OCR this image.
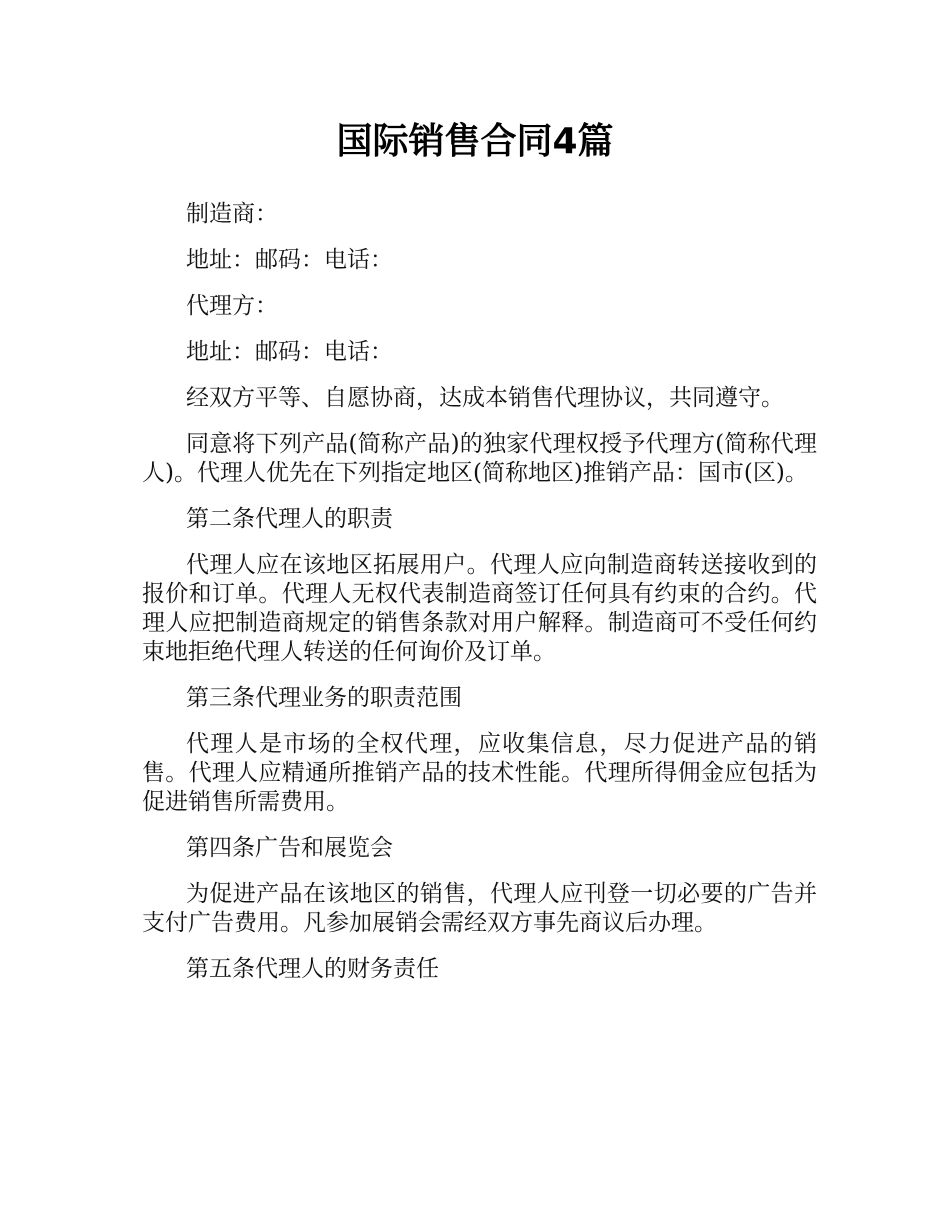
国际销售合同4篇

制造商：

地址：邮码：电话：

代理方：

地址：邮码：电话：

经双方平等、自愿协商，达成本销售代理协议，共同遵守。

同意将下列产品(简称产品)的独家代理权授予代理方(简称代理人)。代理人优先在下列指定地区(简称地区)推销产品：国市(区)。

第二条代理人的职责

代理人应在该地区拓展用户。代理人应向制造商转送接收到的报价和订单。代理人无权代表制造商签订任何具有约束的合约。代理人应把制造商规定的销售条款对用户解释。制造商可不受任何约束地拒绝代理人转送的任何询价及订单。

第三条代理业务的职责范围

代理人是市场的全权代理，应收集信息，尽力促进产品的销售。代理人应精通所推销产品的技术性能。代理所得佣金应包括为促进销售所需费用。

第四条广告和展览会

为促进产品在该地区的销售，代理人应刊登一切必要的广告并支付广告费用。凡参加展销会需经双方事先商议后办理。

第五条代理人的财务责任
